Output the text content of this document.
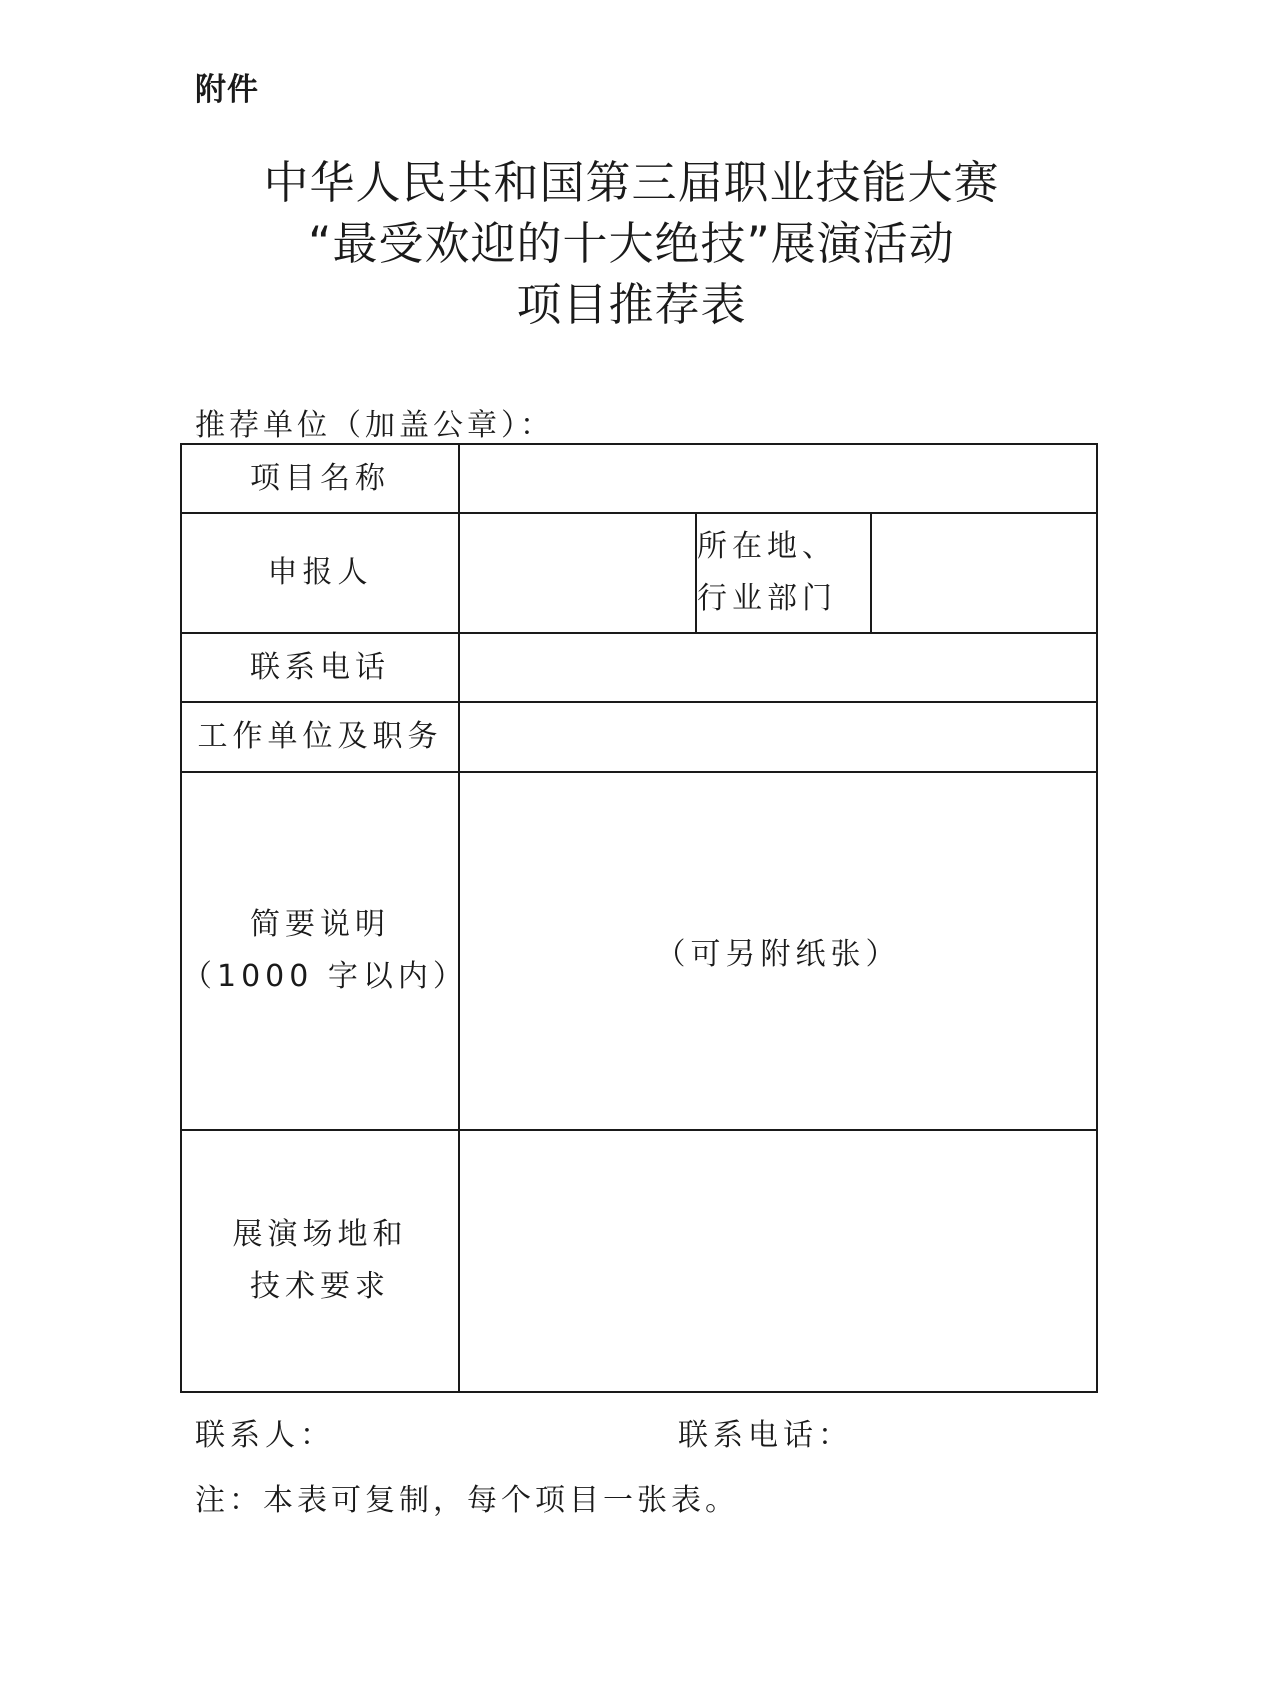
附件
中华人民共和国第三届职业技能大赛
“最受欢迎的十大绝技”展演活动
项目推荐表
推荐单位（加盖公章）：
项目名称			
申报人		所在地、
行业部门	

联系电话			
工作单位及职务			

简要说明
（1000 字以内）	（可另附纸张）		

展演场地和
技术要求			

联系人：	联系电话：
注：本表可复制，每个项目一张表。
